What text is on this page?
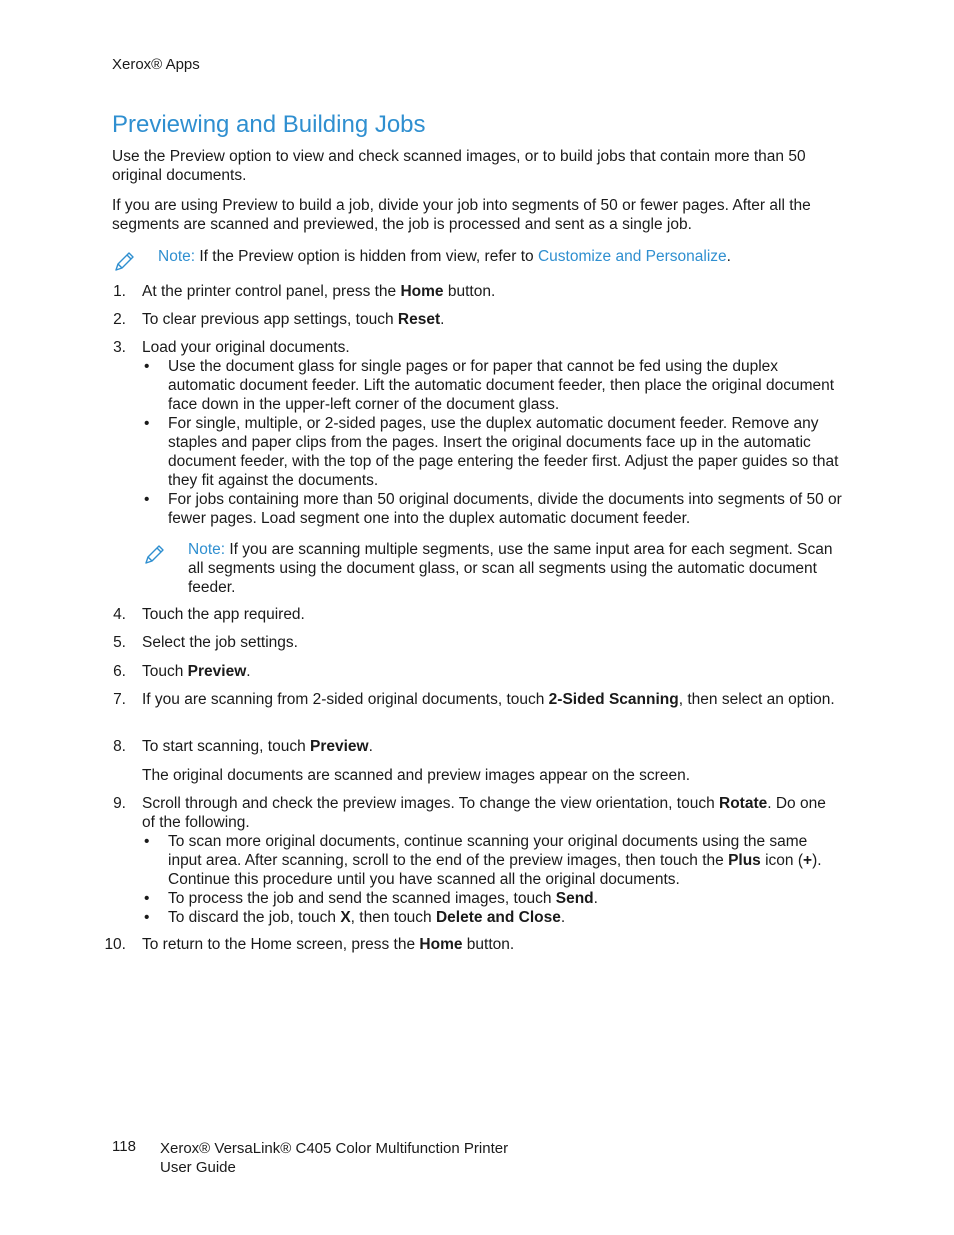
Xerox® Apps
Previewing and Building Jobs

Use the Preview option to view and check scanned images, or to build jobs that contain more than 50 original documents.

If you are using Preview to build a job, divide your job into segments of 50 or fewer pages. After all the segments are scanned and previewed, the job is processed and sent as a single job.

Note: If the Preview option is hidden from view, refer to Customize and Personalize.
1. At the printer control panel, press the Home button.
2. To clear previous app settings, touch Reset.
3. Load your original documents.
• Use the document glass for single pages or for paper that cannot be fed using the duplex automatic document feeder. Lift the automatic document feeder, then place the original document face down in the upper-left corner of the document glass.
• For single, multiple, or 2-sided pages, use the duplex automatic document feeder. Remove any staples and paper clips from the pages. Insert the original documents face up in the automatic document feeder, with the top of the page entering the feeder first. Adjust the paper guides so that they fit against the documents.
• For jobs containing more than 50 original documents, divide the documents into segments of 50 or fewer pages. Load segment one into the duplex automatic document feeder.
Note: If you are scanning multiple segments, use the same input area for each segment. Scan all segments using the document glass, or scan all segments using the automatic document feeder.
4. Touch the app required.
5. Select the job settings.
6. Touch Preview.
7. If you are scanning from 2-sided original documents, touch 2-Sided Scanning, then select an option.
8. To start scanning, touch Preview.
The original documents are scanned and preview images appear on the screen.
9. Scroll through and check the preview images. To change the view orientation, touch Rotate. Do one of the following.
• To scan more original documents, continue scanning your original documents using the same input area. After scanning, scroll to the end of the preview images, then touch the Plus icon (+). Continue this procedure until you have scanned all the original documents.
• To process the job and send the scanned images, touch Send.
• To discard the job, touch X, then touch Delete and Close.
10. To return to the Home screen, press the Home button.
118 Xerox® VersaLink® C405 Color Multifunction Printer
User Guide
